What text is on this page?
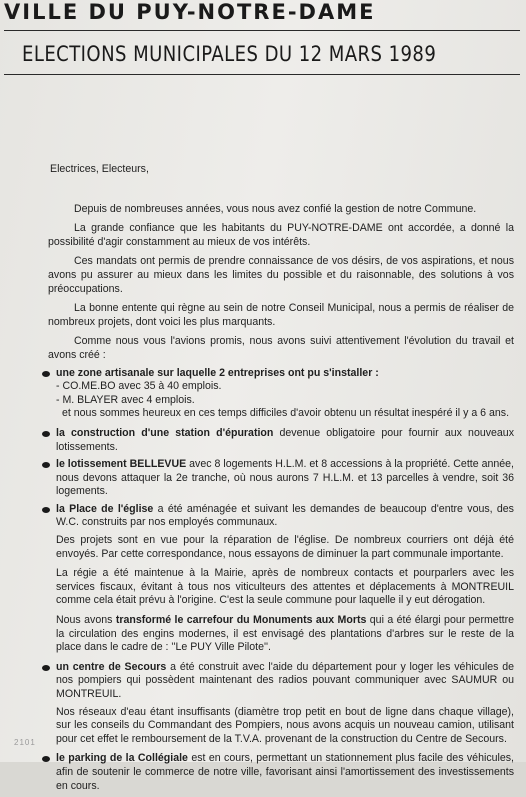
VILLE DU PUY-NOTRE-DAME
ELECTIONS MUNICIPALES DU 12 MARS 1989

Electrices, Electeurs,

Depuis de nombreuses années, vous nous avez confié la gestion de notre Commune.

La grande confiance que les habitants du PUY-NOTRE-DAME ont accordée, a donné la possibilité d'agir constamment au mieux de vos intérêts.

Ces mandats ont permis de prendre connaissance de vos désirs, de vos aspirations, et nous avons pu assurer au mieux dans les limites du possible et du raisonnable, des solutions à vos préoccupations.

La bonne entente qui règne au sein de notre Conseil Municipal, nous a permis de réaliser de nombreux projets, dont voici les plus marquants.

Comme nous vous l'avions promis, nous avons suivi attentivement l'évolution du travail et avons créé :

une zone artisanale sur laquelle 2 entreprises ont pu s'installer :

- CO.ME.BO avec 35 à 40 emplois.

- M. BLAYER avec 4 emplois.

et nous sommes heureux en ces temps difficiles d'avoir obtenu un résultat inespéré il y a 6 ans.

la construction d'une station d'épuration devenue obligatoire pour fournir aux nouveaux lotissements.
le lotissement BELLEVUE avec 8 logements H.L.M. et 8 accessions à la propriété. Cette année, nous devons attaquer la 2e tranche, où nous aurons 7 H.L.M. et 13 parcelles à vendre, soit 36 logements.
la Place de l'église a été aménagée et suivant les demandes de beaucoup d'entre vous, des W.C. construits par nos employés communaux.

Des projets sont en vue pour la réparation de l'église. De nombreux courriers ont déjà été envoyés. Par cette correspondance, nous essayons de diminuer la part communale importante.

La régie a été maintenue à la Mairie, après de nombreux contacts et pourparlers avec les services fiscaux, évitant à tous nos viticulteurs des attentes et déplacements à MONTREUIL comme cela était prévu à l'origine. C'est la seule commune pour laquelle il y eut dérogation.

Nous avons transformé le carrefour du Monuments aux Morts qui a été élargi pour permettre la circulation des engins modernes, il est envisagé des plantations d'arbres sur le reste de la place dans le cadre de : ''Le PUY Ville Pilote''.

un centre de Secours a été construit avec l'aide du département pour y loger les véhicules de nos pompiers qui possèdent maintenant des radios pouvant communiquer avec SAUMUR ou MONTREUIL.

Nos réseaux d'eau étant insuffisants (diamètre trop petit en bout de ligne dans chaque village), sur les conseils du Commandant des Pompiers, nous avons acquis un nouveau camion, utilisant pour cet effet le remboursement de la T.V.A. provenant de la construction du Centre de Secours.

le parking de la Collégiale est en cours, permettant un stationnement plus facile des véhicules, afin de soutenir le commerce de notre ville, favorisant ainsi l'amortissement des investissements en cours.
2101
